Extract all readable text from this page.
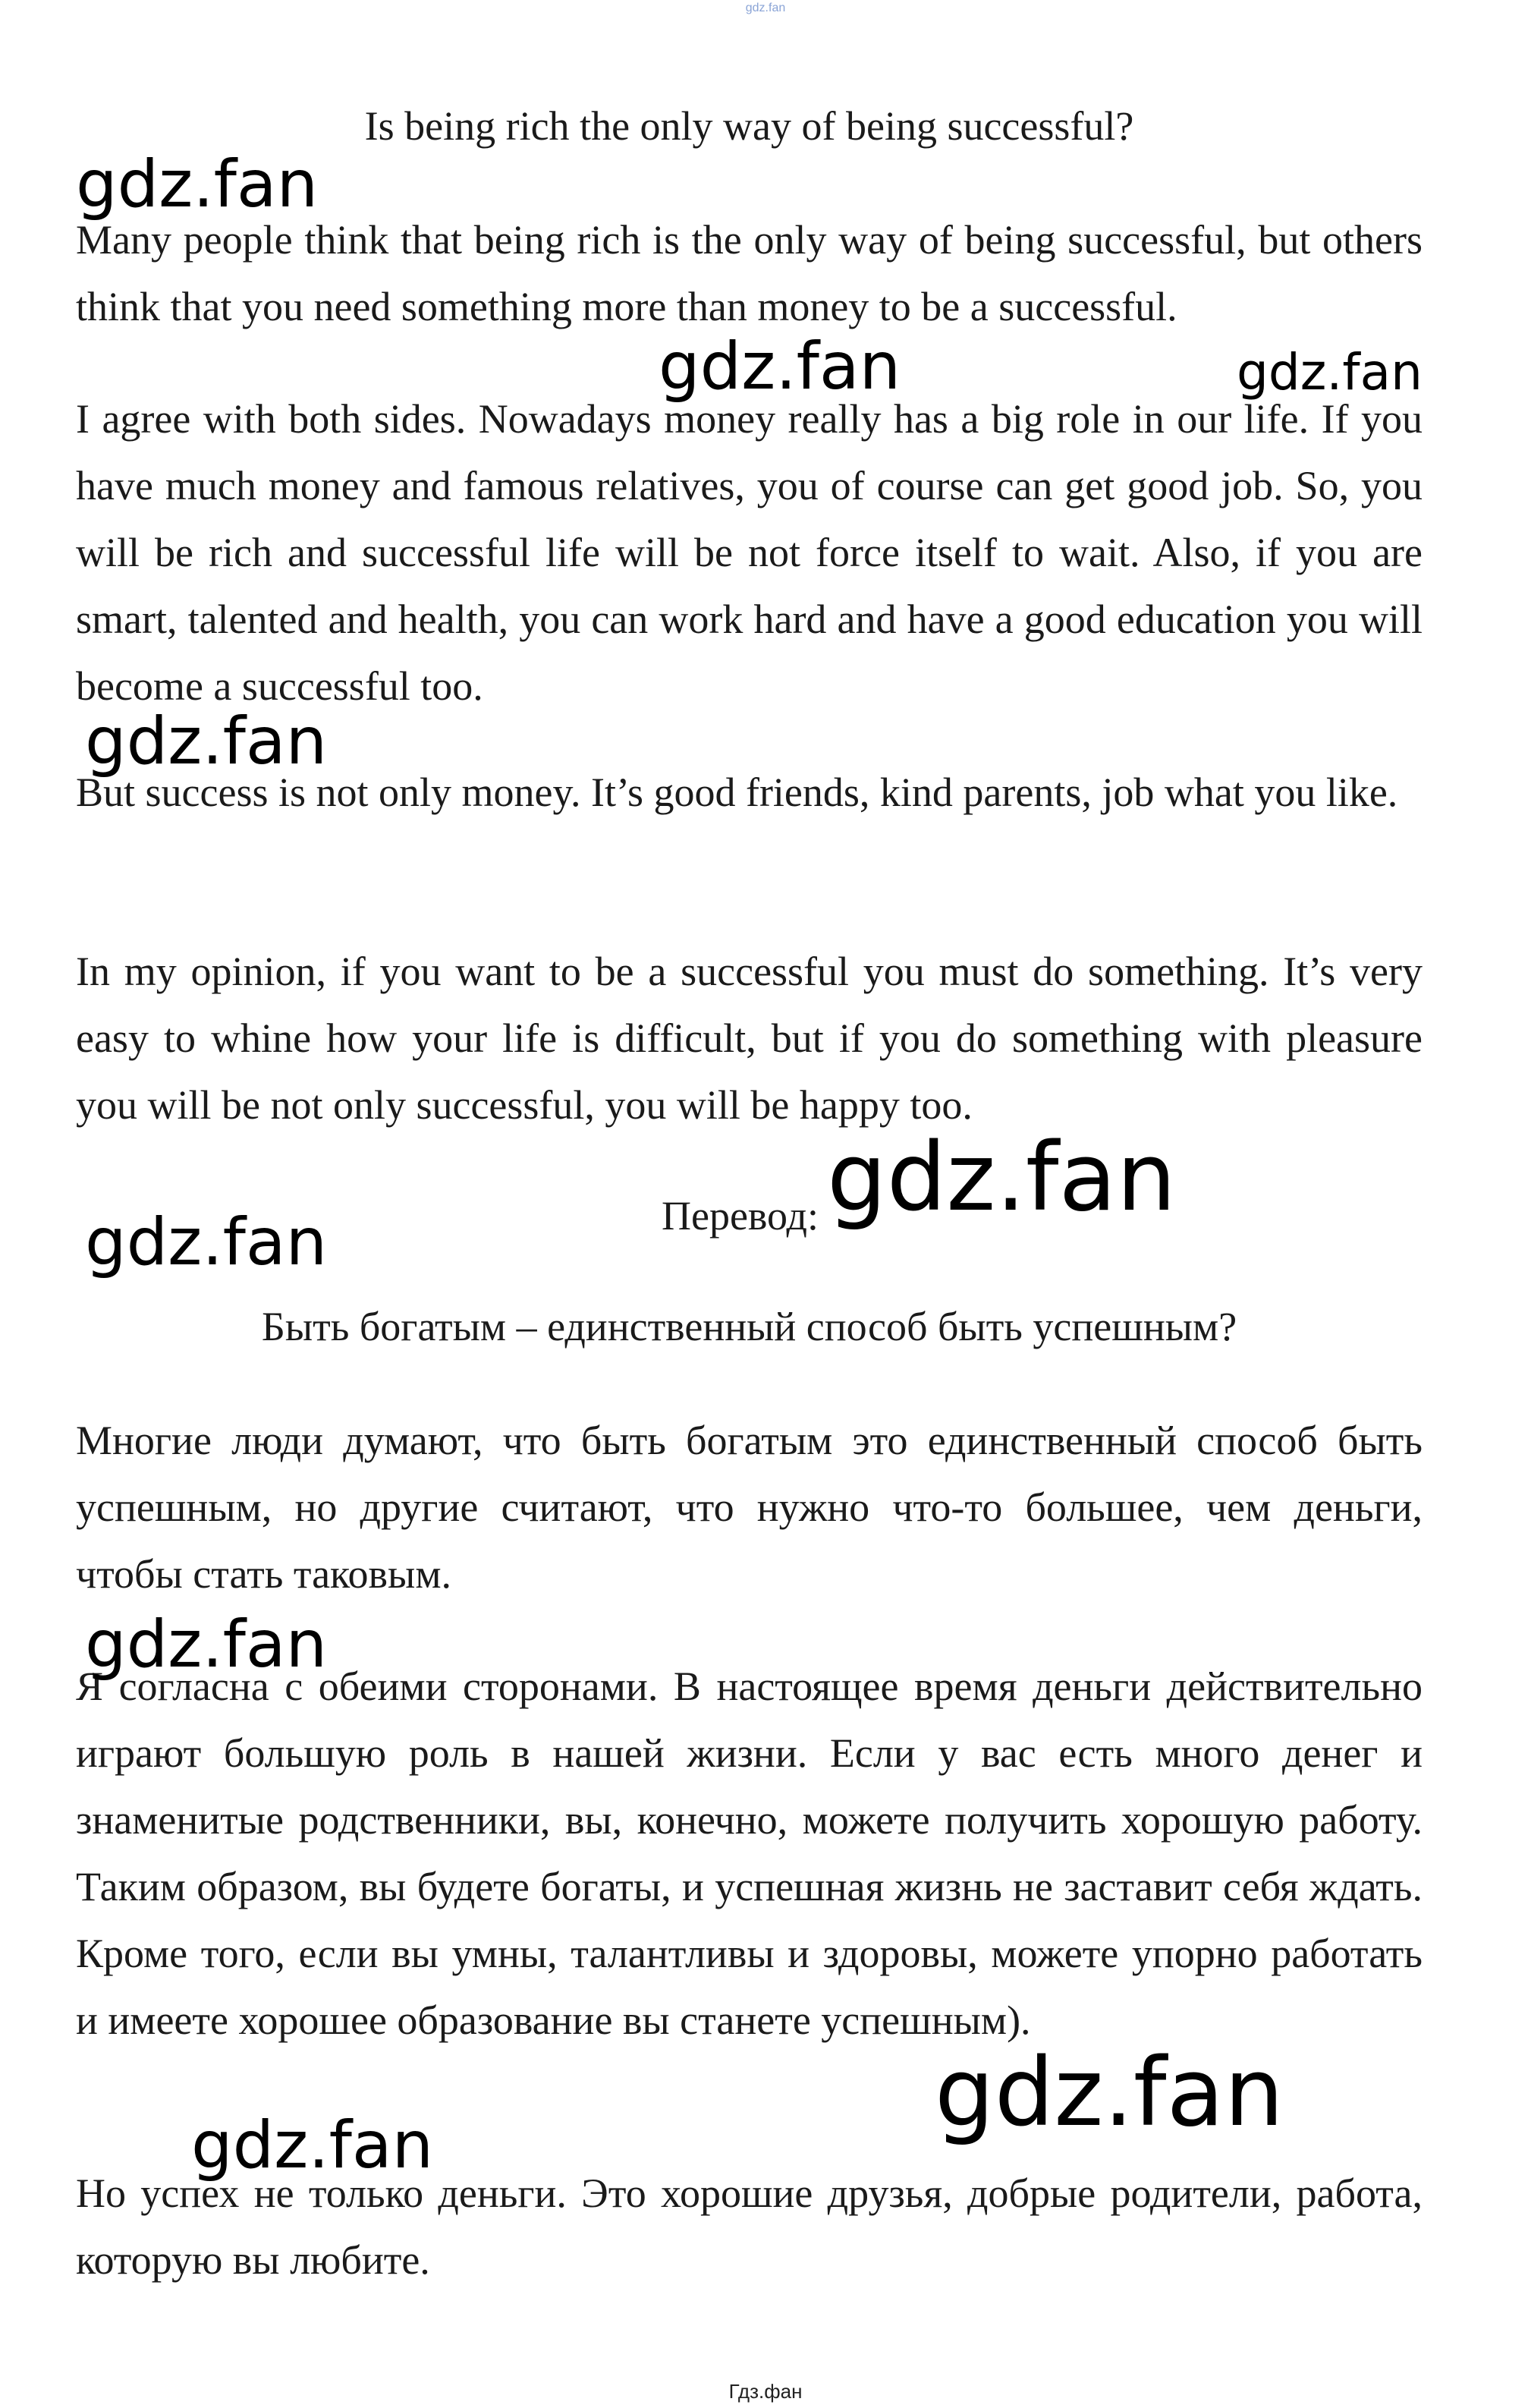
gdz.fan
Is being rich the only way of being successful?
Many people think that being rich is the only way of being successful, but others think that you need something more than money to be a successful.
I agree with both sides. Nowadays money really has a big role in our life. If you have much money and famous relatives, you of course can get good job. So, you will be rich and successful life will be not force itself to wait. Also, if you are smart, talented and health, you can work hard and have a good education you will become a successful too.
But success is not only money. It’s good friends, kind parents, job what you like.
In my opinion, if you want to be a successful you must do something. It’s very easy to whine how your life is difficult, but if you do something with pleasure you will be not only successful, you will be happy too.
Перевод:
Быть богатым – единственный способ быть успешным?
Многие люди думают, что быть богатым это единственный способ быть успешным, но другие считают, что нужно что-то большее, чем деньги, чтобы стать таковым.
Я согласна с обеими сторонами. В настоящее время деньги действительно играют большую роль в нашей жизни. Если у вас есть много денег и знаменитые родственники, вы, конечно, можете получить хорошую работу. Таким образом, вы будете богаты, и успешная жизнь не заставит себя ждать. Кроме того, если вы умны, талантливы и здоровы, можете упорно работать и имеете хорошее образование вы станете успешным).
Но успех не только деньги. Это хорошие друзья, добрые родители, работа, которую вы любите.
gdz.fan
gdz.fan	gdz.fan
gdz.fan
gdz.fan
gdz.fan
gdz.fan
gdz.fan
gdz.fan
Гдз.фан
